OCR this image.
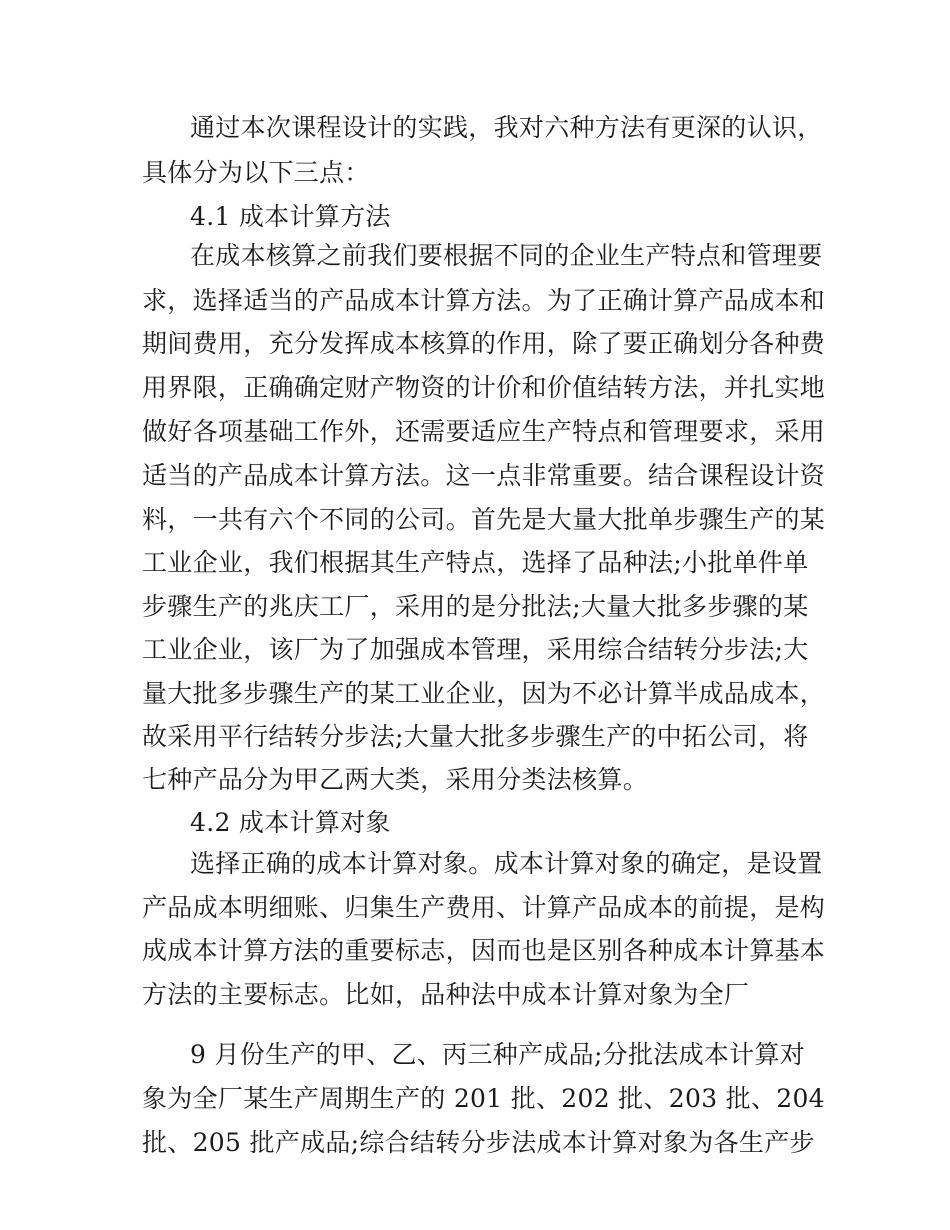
通过本次课程设计的实践，我对六种方法有更深的认识，
具体分为以下三点：
4.1 成本计算方法
在成本核算之前我们要根据不同的企业生产特点和管理要
求，选择适当的产品成本计算方法。为了正确计算产品成本和
期间费用，充分发挥成本核算的作用，除了要正确划分各种费
用界限，正确确定财产物资的计价和价值结转方法，并扎实地
做好各项基础工作外，还需要适应生产特点和管理要求，采用
适当的产品成本计算方法。这一点非常重要。结合课程设计资
料，一共有六个不同的公司。首先是大量大批单步骤生产的某
工业企业，我们根据其生产特点，选择了品种法;小批单件单
步骤生产的兆庆工厂，采用的是分批法;大量大批多步骤的某
工业企业，该厂为了加强成本管理，采用综合结转分步法;大
量大批多步骤生产的某工业企业，因为不必计算半成品成本，
故采用平行结转分步法;大量大批多步骤生产的中拓公司，将
七种产品分为甲乙两大类，采用分类法核算。
4.2 成本计算对象
选择正确的成本计算对象。成本计算对象的确定，是设置
产品成本明细账、归集生产费用、计算产品成本的前提，是构
成成本计算方法的重要标志，因而也是区别各种成本计算基本
方法的主要标志。比如，品种法中成本计算对象为全厂
9 月份生产的甲、乙、丙三种产成品;分批法成本计算对
象为全厂某生产周期生产的 201 批、202 批、203 批、204
批、205 批产成品;综合结转分步法成本计算对象为各生产步
